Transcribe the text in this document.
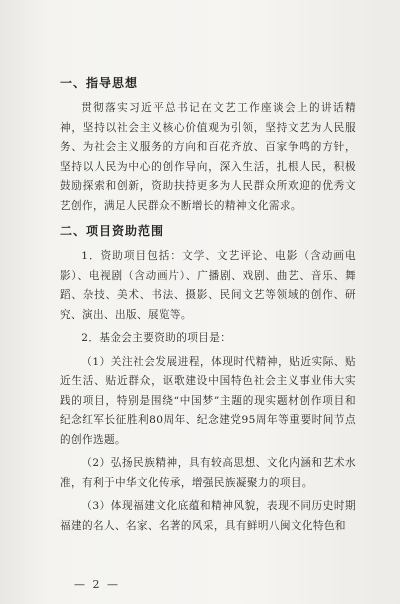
一、指导思想

贯彻落实习近平总书记在文艺工作座谈会上的讲话精神，坚持以社会主义核心价值观为引领，坚持文艺为人民服务、为社会主义服务的方向和百花齐放、百家争鸣的方针，坚持以人民为中心的创作导向，深入生活，扎根人民，积极鼓励探索和创新，资助扶持更多为人民群众所欢迎的优秀文艺创作，满足人民群众不断增长的精神文化需求。

二、项目资助范围

1．资助项目包括：文学、文艺评论、电影（含动画电影）、电视剧（含动画片）、广播剧、戏剧、曲艺、音乐、舞蹈、杂技、美术、书法、摄影、民间文艺等领域的创作、研究、演出、出版、展览等。

2．基金会主要资助的项目是：

（1）关注社会发展进程，体现时代精神，贴近实际、贴近生活、贴近群众，讴歌建设中国特色社会主义事业伟大实践的项目，特别是围绕“中国梦”主题的现实题材创作项目和纪念红军长征胜利80周年、纪念建党95周年等重要时间节点的创作选题。

（2）弘扬民族精神，具有较高思想、文化内涵和艺术水准，有利于中华文化传承，增强民族凝聚力的项目。

（3）体现福建文化底蕴和精神风貌，表现不同历史时期福建的名人、名家、名著的风采，具有鲜明八闽文化特色和

— 2 —
